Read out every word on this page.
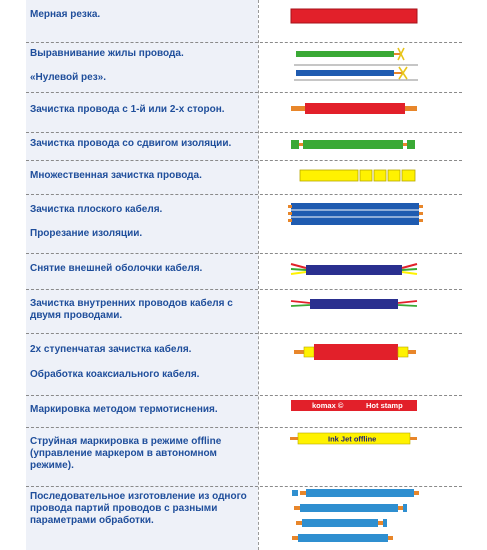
Мерная резка.
Выравнивание жилы провода.
«Нулевой рез».
Зачистка провода с 1-й или 2-х сторон.
Зачистка провода со сдвигом изоляции.
Множественная зачистка провода.
Зачистка плоского кабеля.
Прорезание изоляции.
Снятие внешней оболочки кабеля.
Зачистка внутренних проводов кабеля с двумя проводами.
2х ступенчатая зачистка кабеля.
Обработка коаксиального кабеля.
Маркировка методом термотиснения.	komax ©	Hot stamp
Струйная маркировка в режиме offline (управление маркером в автономном режиме).
Ink Jet offline
Последовательное изготовление из одного провода партий проводов с разными параметрами обработки.
